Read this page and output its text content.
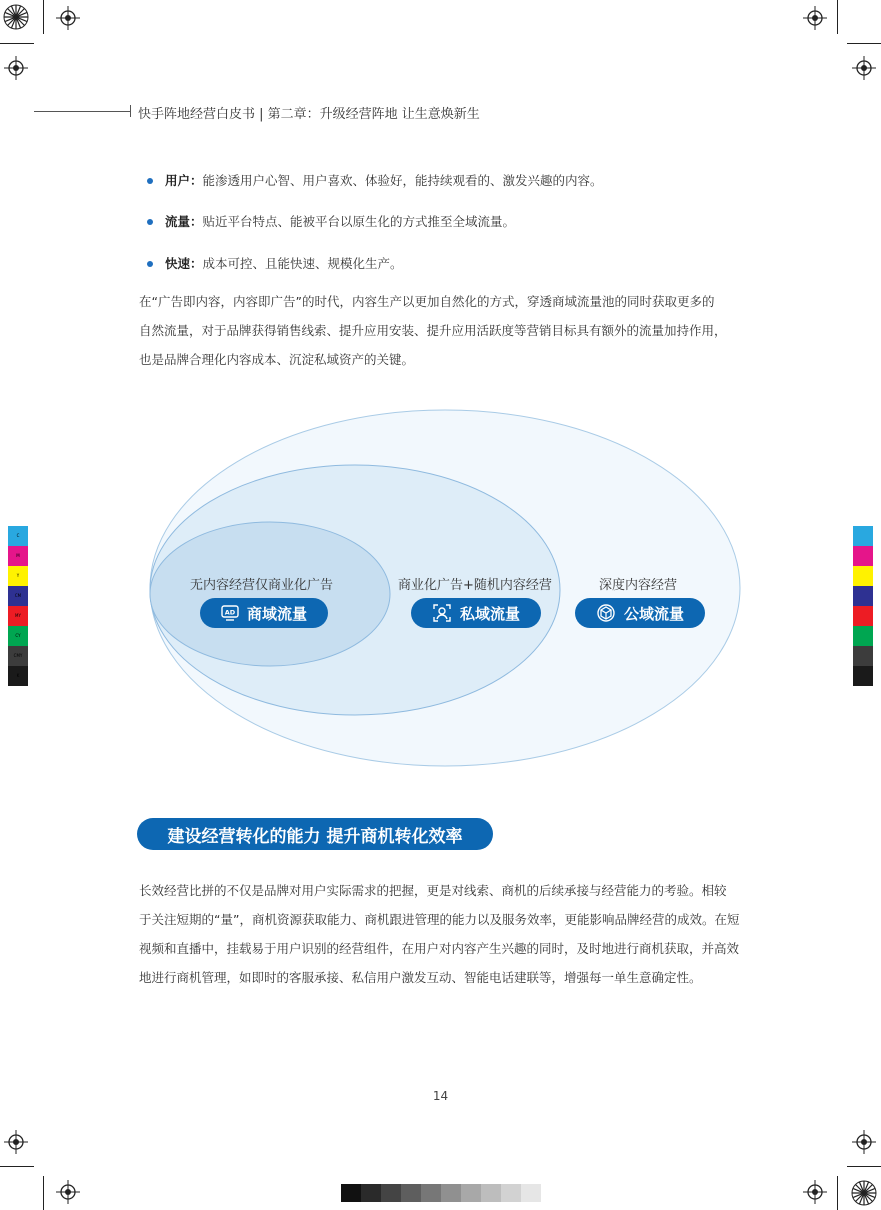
C
M
Y
CM
MY
CY
CMY
K
快手阵地经营白皮书 | 第二章：升级经营阵地 让生意焕新生
用户：能渗透用户心智、用户喜欢、体验好，能持续观看的、激发兴趣的内容。
流量：贴近平台特点、能被平台以原生化的方式推至全域流量。
快速：成本可控、且能快速、规模化生产。
在“广告即内容，内容即广告”的时代，内容生产以更加自然化的方式，穿透商域流量池的同时获取更多的
自然流量，对于品牌获得销售线索、提升应用安装、提升应用活跃度等营销目标具有额外的流量加持作用，
也是品牌合理化内容成本、沉淀私域资产的关键。
无内容经营仅商业化广告
AD 商域流量
商业化广告+随机内容经营
私域流量
深度内容经营
公域流量
建设经营转化的能力 提升商机转化效率
长效经营比拼的不仅是品牌对用户实际需求的把握，更是对线索、商机的后续承接与经营能力的考验。相较
于关注短期的“量”，商机资源获取能力、商机跟进管理的能力以及服务效率，更能影响品牌经营的成效。在短
视频和直播中，挂载易于用户识别的经营组件，在用户对内容产生兴趣的同时，及时地进行商机获取，并高效
地进行商机管理，如即时的客服承接、私信用户激发互动、智能电话建联等，增强每一单生意确定性。
14
